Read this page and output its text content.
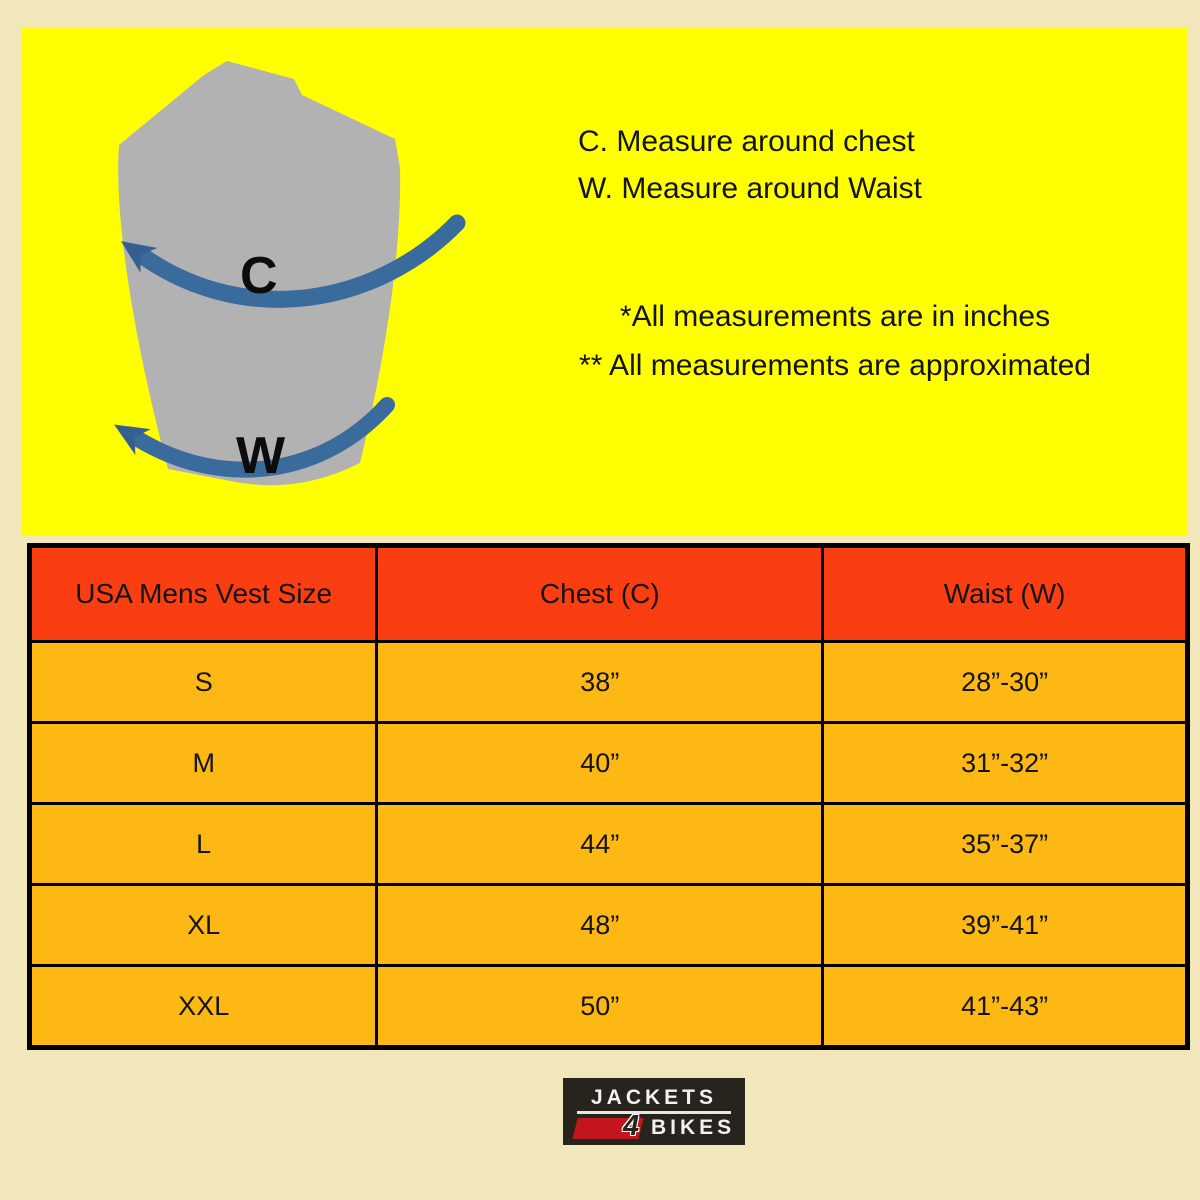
C
W
C. Measure around chest
W. Measure around Waist
*All measurements are in inches
** All measurements are approximated
USA Mens Vest Size	Chest (C)	Waist (W)
S	38”	28”-30”
M	40”	31”-32”
L	44”	35”-37”
XL	48”	39”-41”
XXL	50”	41”-43”
JACKETS
4 BIKES
